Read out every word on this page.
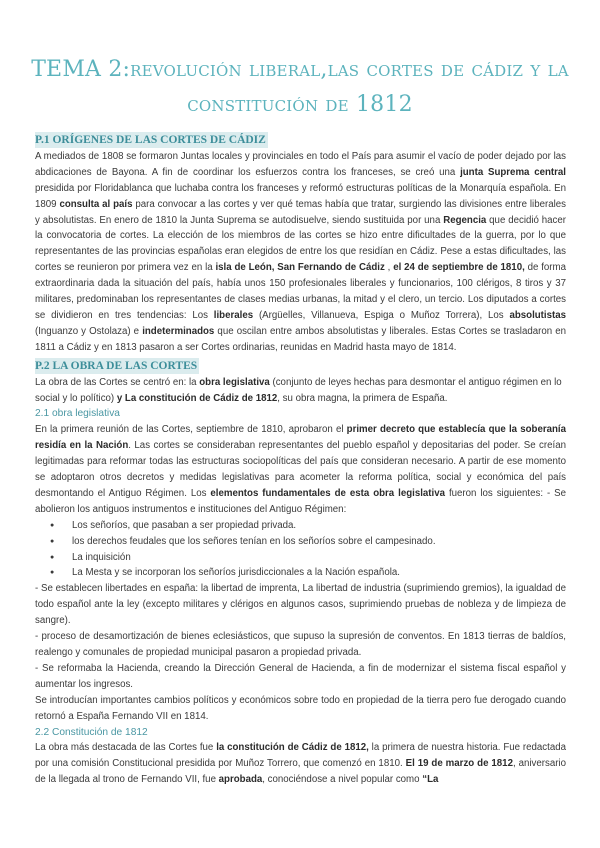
TEMA 2:revolución liberal,las cortes de cádiz y la constitución de 1812
P.1 ORÍGENES DE LAS CORTES DE CÁDIZ

A mediados de 1808 se formaron Juntas locales y provinciales en todo el País para asumir el vacío de poder dejado por las abdicaciones de Bayona. A fin de coordinar los esfuerzos contra los franceses, se creó una junta Suprema central presidida por Floridablanca que luchaba contra los franceses y reformó estructuras políticas de la Monarquía española. En 1809 consulta al país para convocar a las cortes y ver qué temas había que tratar, surgiendo las divisiones entre liberales y absolutistas. En enero de 1810 la Junta Suprema se autodisuelve, siendo sustituida por una Regencia que decidió hacer la convocatoria de cortes. La elección de los miembros de las cortes se hizo entre dificultades de la guerra, por lo que representantes de las provincias españolas eran elegidos de entre los que residían en Cádiz. Pese a estas dificultades, las cortes se reunieron por primera vez en la isla de León, San Fernando de Cádiz , el 24 de septiembre de 1810, de forma extraordinaria dada la situación del país, había unos 150 profesionales liberales y funcionarios, 100 clérigos, 8 tiros y 37 militares, predominaban los representantes de clases medias urbanas, la mitad y el clero, un tercio. Los diputados a cortes se dividieron en tres tendencias: Los liberales (Argüelles, Villanueva, Espiga o Muñoz Torrera), Los absolutistas (Inguanzo y Ostolaza) e indeterminados que oscilan entre ambos absolutistas y liberales. Estas Cortes se trasladaron en 1811 a Cádiz y en 1813 pasaron a ser Cortes ordinarias, reunidas en Madrid hasta mayo de 1814.

P.2 LA OBRA DE LAS CORTES

La obra de las Cortes se centró en: la obra legislativa (conjunto de leyes hechas para desmontar el antiguo régimen en lo social y lo político) y La constitución de Cádiz de 1812, su obra magna, la primera de España.

2.1 obra legislativa

En la primera reunión de las Cortes, septiembre de 1810, aprobaron el primer decreto que establecía que la soberanía residía en la Nación. Las cortes se consideraban representantes del pueblo español y depositarias del poder. Se creían legitimadas para reformar todas las estructuras sociopolíticas del país que consideran necesario. A partir de ese momento se adoptaron otros decretos y medidas legislativas para acometer la reforma política, social y económica del país desmontando el Antiguo Régimen. Los elementos fundamentales de esta obra legislativa fueron los siguientes: - Se abolieron los antiguos instrumentos e instituciones del Antiguo Régimen:

● Los señoríos, que pasaban a ser propiedad privada.
● los derechos feudales que los señores tenían en los señoríos sobre el campesinado.
● La inquisición
● La Mesta y se incorporan los señoríos jurisdiccionales a la Nación española.

- Se establecen libertades en españa: la libertad de imprenta, La libertad de industria (suprimiendo gremios), la igualdad de todo español ante la ley (excepto militares y clérigos en algunos casos, suprimiendo pruebas de nobleza y de limpieza de sangre).

- proceso de desamortización de bienes eclesiásticos, que supuso la supresión de conventos. En 1813 tierras de baldíos, realengo y comunales de propiedad municipal pasaron a propiedad privada.

- Se reformaba la Hacienda, creando la Dirección General de Hacienda, a fin de modernizar el sistema fiscal español y aumentar los ingresos.

Se introducían importantes cambios políticos y económicos sobre todo en propiedad de la tierra pero fue derogado cuando retornó a España Fernando VII en 1814.

2.2 Constitución de 1812

La obra más destacada de las Cortes fue la constitución de Cádiz de 1812, la primera de nuestra historia. Fue redactada por una comisión Constitucional presidida por Muñoz Torrero, que comenzó en 1810. El 19 de marzo de 1812, aniversario de la llegada al trono de Fernando VII, fue aprobada, conociéndose a nivel popular como “La
